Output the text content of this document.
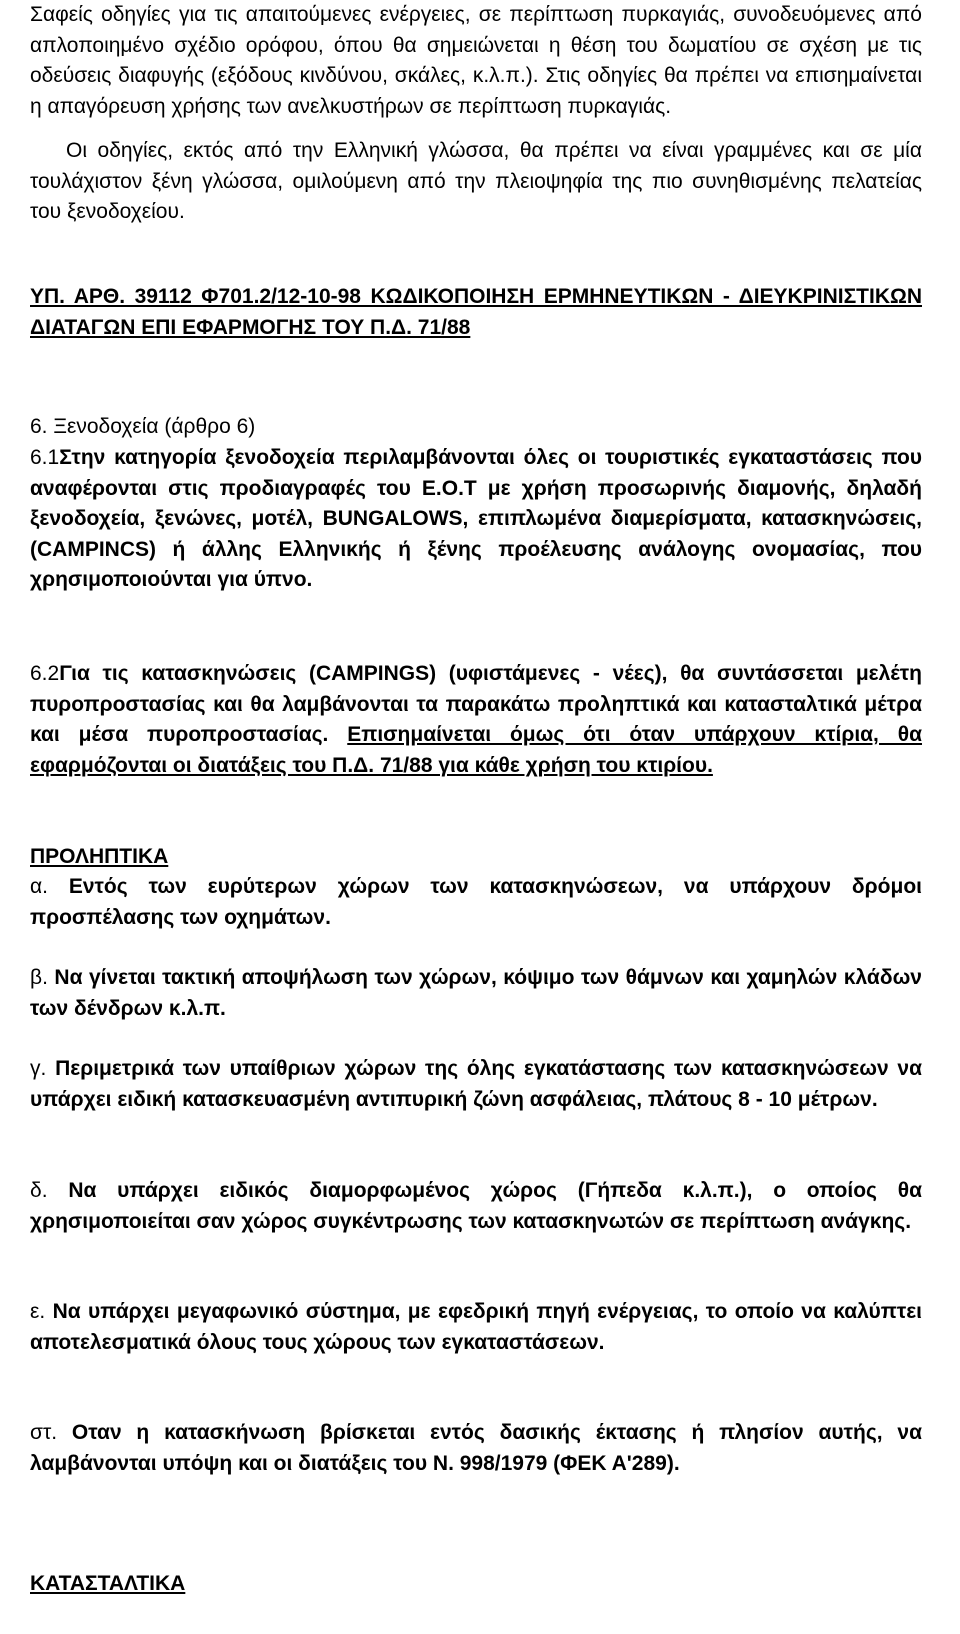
Σαφείς οδηγίες για τις απαιτούμενες ενέργειες, σε περίπτωση πυρκαγιάς, συνοδευόμενες από απλοποιημένο σχέδιο ορόφου, όπου θα σημειώνεται η θέση του δωματίου σε σχέση με τις οδεύσεις διαφυγής (εξόδους κινδύνου, σκάλες, κ.λ.π.). Στις οδηγίες θα πρέπει να επισημαίνεται η απαγόρευση χρήσης των ανελκυστήρων σε περίπτωση πυρκαγιάς.
Οι οδηγίες, εκτός από την Ελληνική γλώσσα, θα πρέπει να είναι γραμμένες και σε μία τουλάχιστον ξένη γλώσσα, ομιλούμενη από την πλειοψηφία της πιο συνηθισμένης πελατείας του ξενοδοχείου.
ΥΠ. ΑΡΘ. 39112 Φ701.2/12-10-98 ΚΩΔΙΚΟΠΟΙΗΣΗ ΕΡΜΗΝΕΥΤΙΚΩΝ - ΔΙΕΥΚΡΙΝΙΣΤΙΚΩΝ ΔΙΑΤΑΓΩΝ ΕΠΙ ΕΦΑΡΜΟΓΗΣ ΤΟΥ Π.Δ. 71/88
6. Ξενοδοχεία (άρθρο 6)
6.1Στην κατηγορία ξενοδοχεία περιλαμβάνονται όλες οι τουριστικές εγκαταστάσεις που αναφέρονται στις προδιαγραφές του Ε.Ο.Τ με χρήση προσωρινής διαμονής, δηλαδή ξενοδοχεία, ξενώνες, μοτέλ, BUNGALOWS, επιπλωμένα διαμερίσματα, κατασκηνώσεις, (CAMPINCS) ή άλλης Ελληνικής ή ξένης προέλευσης ανάλογης ονομασίας, που χρησιμοποιούνται για ύπνο.
6.2Για τις κατασκηνώσεις (CAMPINGS) (υφιστάμενες - νέες), θα συντάσσεται μελέτη πυροπροστασίας και θα λαμβάνονται τα παρακάτω προληπτικά και κατασταλτικά μέτρα και μέσα πυροπροστασίας. Επισημαίνεται όμως ότι όταν υπάρχουν κτίρια, θα εφαρμόζονται οι διατάξεις του Π.Δ. 71/88 για κάθε χρήση του κτιρίου.
ΠΡΟΛΗΠΤΙΚΑ
α. Εντός των ευρύτερων χώρων των κατασκηνώσεων, να υπάρχουν δρόμοι προσπέλασης των οχημάτων.
β. Να γίνεται τακτική αποψήλωση των χώρων, κόψιμο των θάμνων και χαμηλών κλάδων των δένδρων κ.λ.π.
γ. Περιμετρικά των υπαίθριων χώρων της όλης εγκατάστασης των κατασκηνώσεων να υπάρχει ειδική κατασκευασμένη αντιπυρική ζώνη ασφάλειας, πλάτους 8 - 10 μέτρων.
δ. Να υπάρχει ειδικός διαμορφωμένος χώρος (Γήπεδα κ.λ.π.), ο οποίος θα χρησιμοποιείται σαν χώρος συγκέντρωσης των κατασκηνωτών σε περίπτωση ανάγκης.
ε. Να υπάρχει μεγαφωνικό σύστημα, με εφεδρική πηγή ενέργειας, το οποίο να καλύπτει αποτελεσματικά όλους τους χώρους των εγκαταστάσεων.
στ. Οταν η κατασκήνωση βρίσκεται εντός δασικής έκτασης ή πλησίον αυτής, να λαμβάνονται υπόψη και οι διατάξεις του Ν. 998/1979 (ΦΕΚ Α'289).
ΚΑΤΑΣΤΑΛΤΙΚΑ
